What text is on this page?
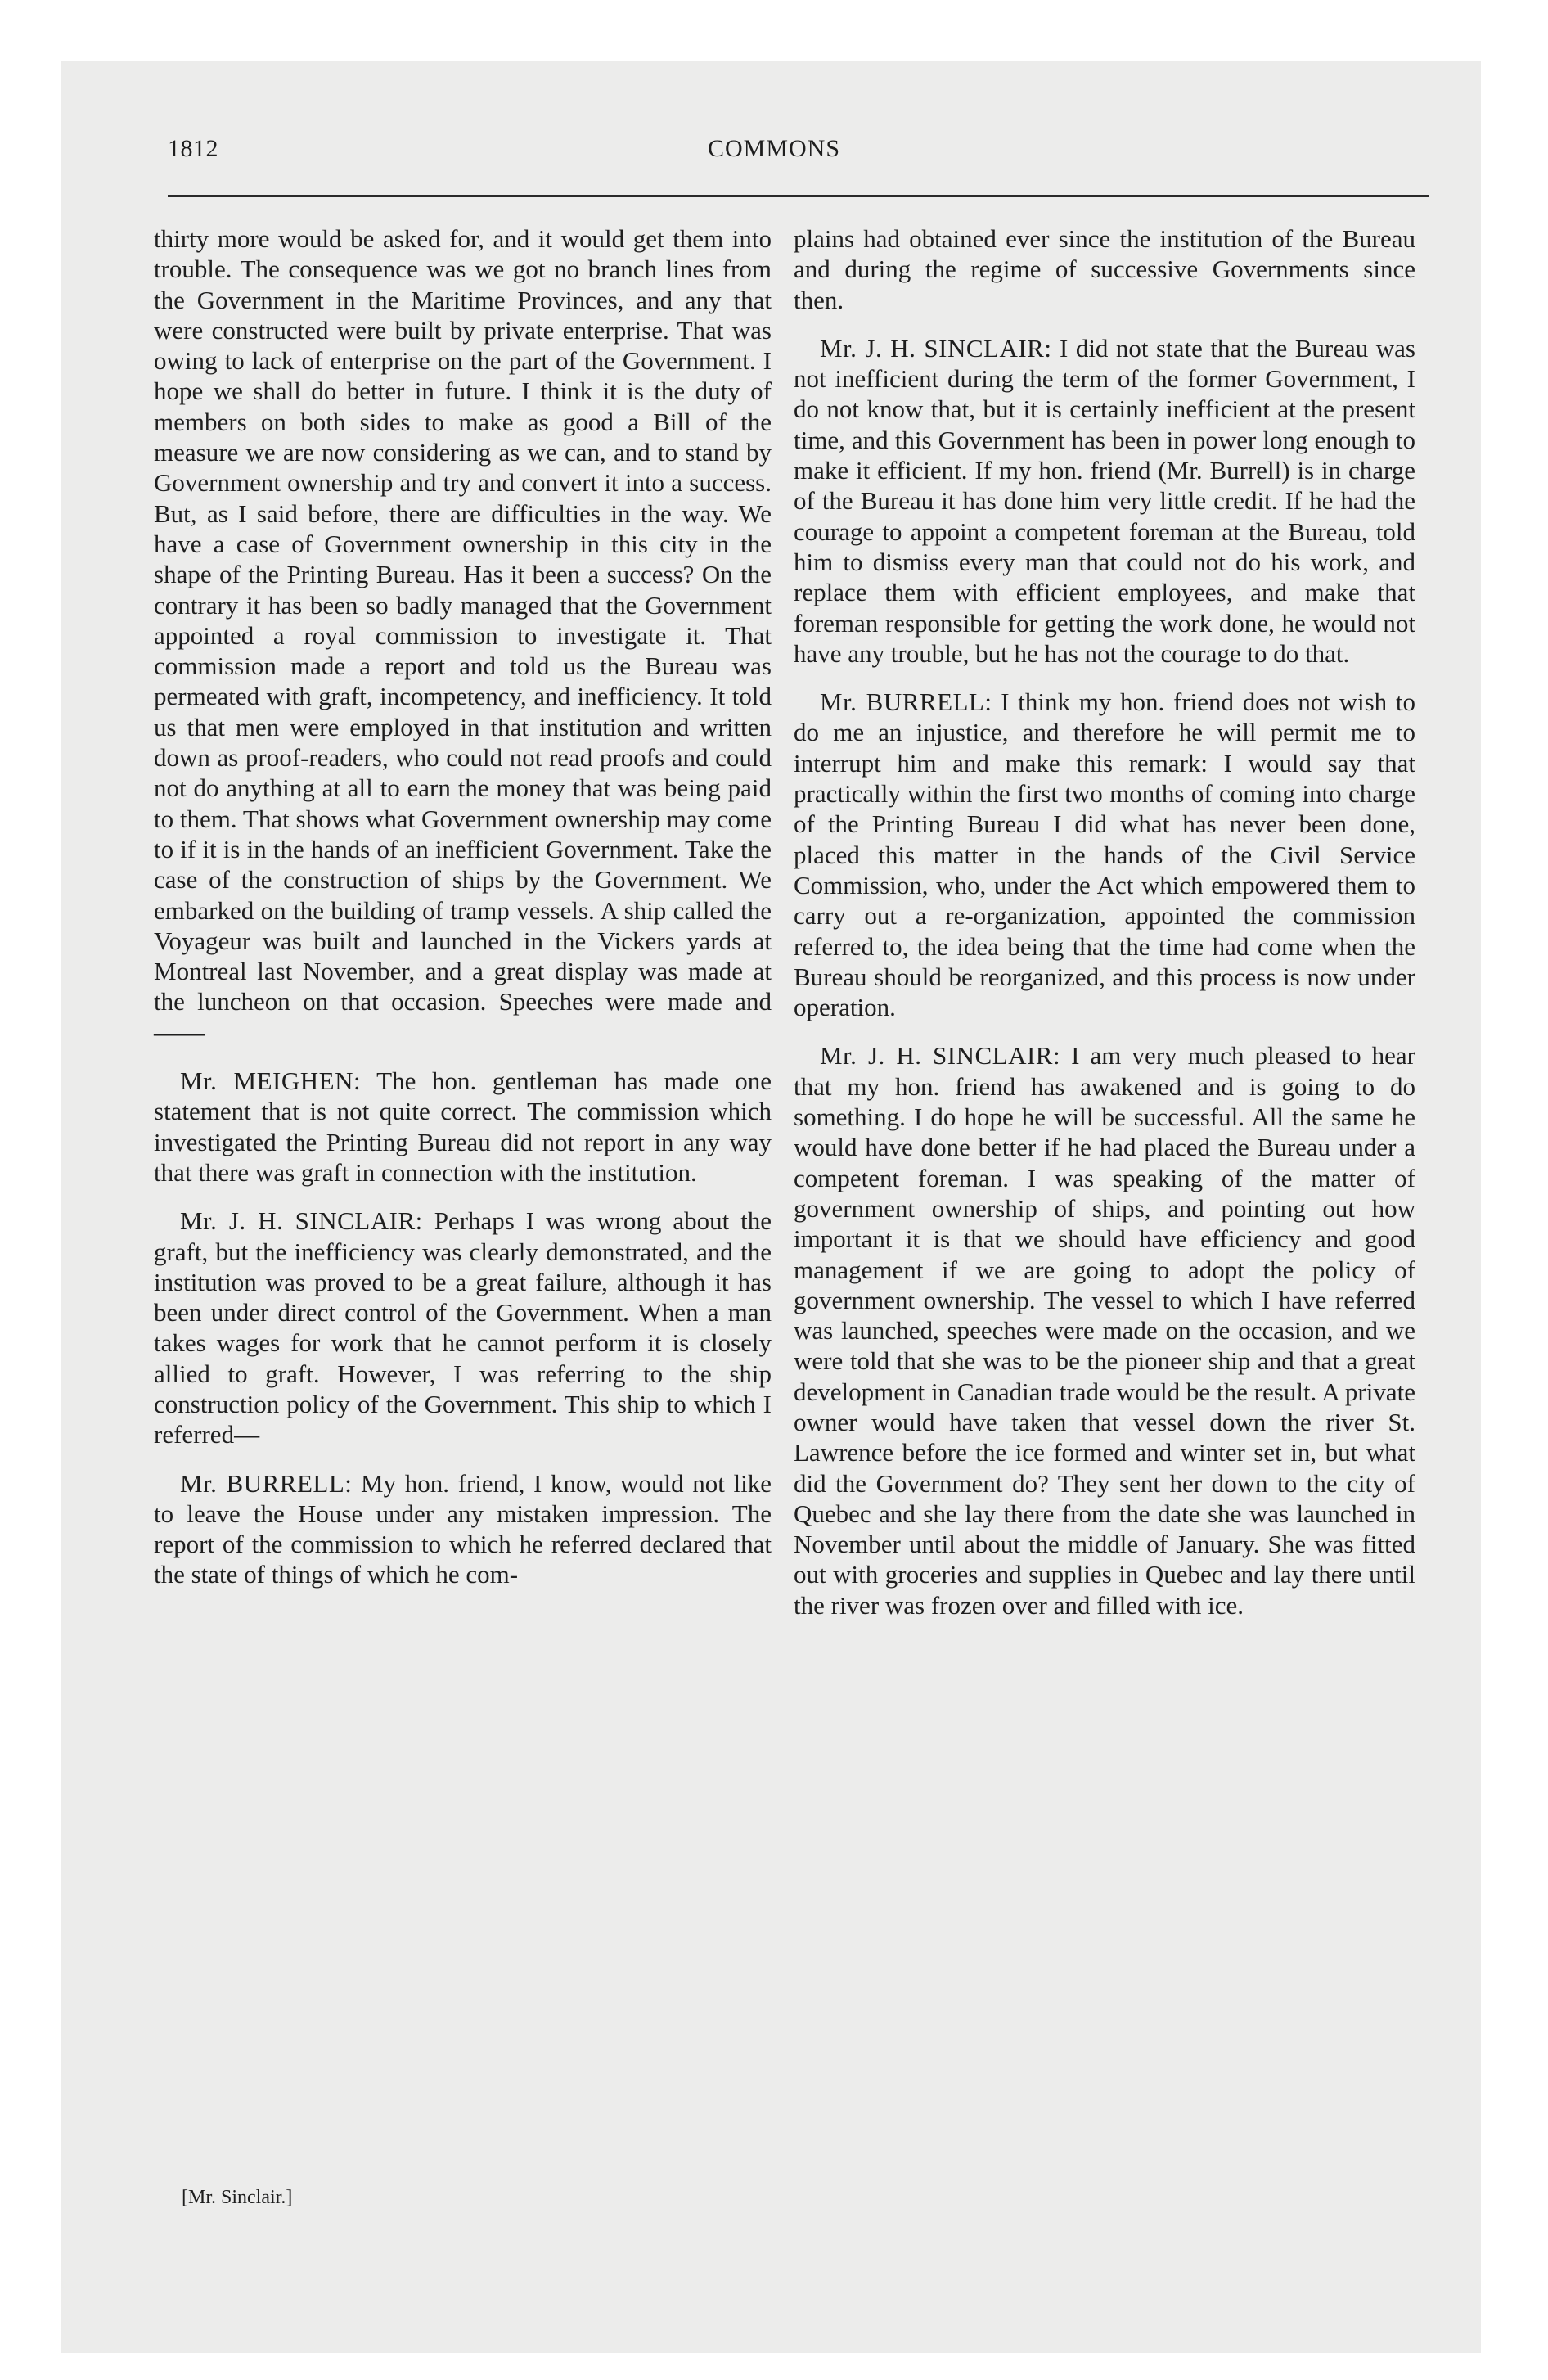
1812	COMMONS

thirty more would be asked for, and it would get them into trouble. The consequence was we got no branch lines from the Government in the Maritime Provinces, and any that were constructed were built by private enterprise. That was owing to lack of enterprise on the part of the Government. I hope we shall do better in future. I think it is the duty of members on both sides to make as good a Bill of the measure we are now considering as we can, and to stand by Government ownership and try and convert it into a success. But, as I said before, there are difficulties in the way. We have a case of Government ownership in this city in the shape of the Printing Bureau. Has it been a success? On the contrary it has been so badly managed that the Government appointed a royal commission to investigate it. That commission made a report and told us the Bureau was permeated with graft, incompetency, and inefficiency. It told us that men were employed in that institution and written down as proof-readers, who could not read proofs and could not do anything at all to earn the money that was being paid to them. That shows what Government ownership may come to if it is in the hands of an inefficient Government. Take the case of the construction of ships by the Government. We embarked on the building of tramp vessels. A ship called the Voyageur was built and launched in the Vickers yards at Montreal last November, and a great display was made at the luncheon on that occasion. Speeches were made and——

Mr. MEIGHEN: The hon. gentleman has made one statement that is not quite correct. The commission which investigated the Printing Bureau did not report in any way that there was graft in connection with the institution.

Mr. J. H. SINCLAIR: Perhaps I was wrong about the graft, but the inefficiency was clearly demonstrated, and the institution was proved to be a great failure, although it has been under direct control of the Government. When a man takes wages for work that he cannot perform it is closely allied to graft. However, I was referring to the ship construction policy of the Government. This ship to which I referred—

Mr. BURRELL: My hon. friend, I know, would not like to leave the House under any mistaken impression. The report of the commission to which he referred declared that the state of things of which he com-

plains had obtained ever since the institution of the Bureau and during the regime of successive Governments since then.

Mr. J. H. SINCLAIR: I did not state that the Bureau was not inefficient during the term of the former Government, I do not know that, but it is certainly inefficient at the present time, and this Government has been in power long enough to make it efficient. If my hon. friend (Mr. Burrell) is in charge of the Bureau it has done him very little credit. If he had the courage to appoint a competent foreman at the Bureau, told him to dismiss every man that could not do his work, and replace them with efficient employees, and make that foreman responsible for getting the work done, he would not have any trouble, but he has not the courage to do that.

Mr. BURRELL: I think my hon. friend does not wish to do me an injustice, and therefore he will permit me to interrupt him and make this remark: I would say that practically within the first two months of coming into charge of the Printing Bureau I did what has never been done, placed this matter in the hands of the Civil Service Commission, who, under the Act which empowered them to carry out a re-organization, appointed the commission referred to, the idea being that the time had come when the Bureau should be reorganized, and this process is now under operation.

Mr. J. H. SINCLAIR: I am very much pleased to hear that my hon. friend has awakened and is going to do something. I do hope he will be successful. All the same he would have done better if he had placed the Bureau under a competent foreman. I was speaking of the matter of government ownership of ships, and pointing out how important it is that we should have efficiency and good management if we are going to adopt the policy of government ownership. The vessel to which I have referred was launched, speeches were made on the occasion, and we were told that she was to be the pioneer ship and that a great development in Canadian trade would be the result. A private owner would have taken that vessel down the river St. Lawrence before the ice formed and winter set in, but what did the Government do? They sent her down to the city of Quebec and she lay there from the date she was launched in November until about the middle of January. She was fitted out with groceries and supplies in Quebec and lay there until the river was frozen over and filled with ice.

[Mr. Sinclair.]
